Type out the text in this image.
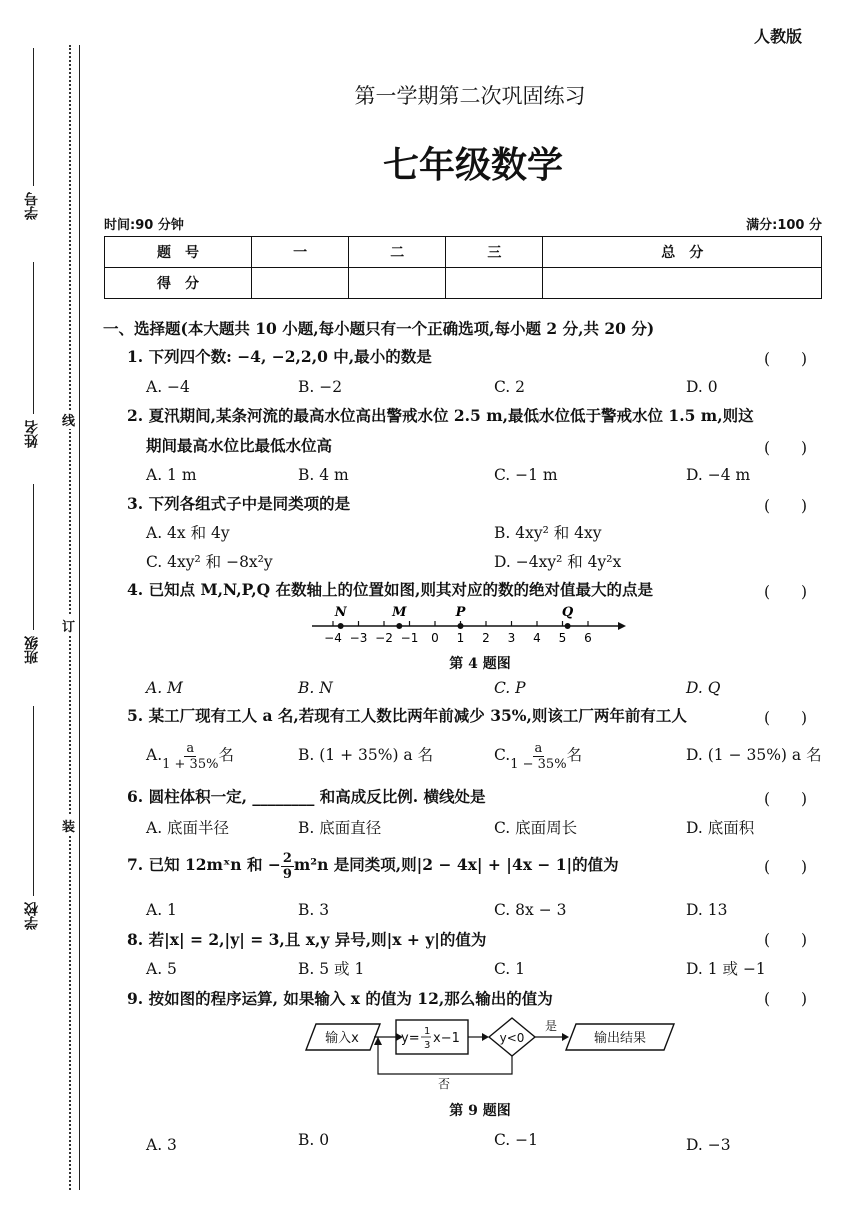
人教版
学号
姓名
班级
学校
线
订
装
第一学期第二次巩固练习
七年级数学
时间:90 分钟	满分:100 分
题　号	一	二	三	总　分
得　分				
一、选择题(本大题共 10 小题,每小题只有一个正确选项,每小题 2 分,共 20 分)
1. 下列四个数: −4, −2,2,0 中,最小的数是	(　　)
A. −4	B. −2	C. 2	D. 0
2. 夏汛期间,某条河流的最高水位高出警戒水位 2.5 m,最低水位低于警戒水位 1.5 m,则这
期间最高水位比最低水位高	(　　)
A. 1 m	B. 4 m	C. −1 m	D. −4 m
3. 下列各组式子中是同类项的是	(　　)
A. 4x 和 4y	B. 4xy² 和 4xy
C. 4xy² 和 −8x²y	D. −4xy² 和 4y²x
4. 已知点 M,N,P,Q 在数轴上的位置如图,则其对应的数的绝对值最大的点是	(　　)
−4 −3 −2 −1 0 1 2 3 4 5 6
N	M	P	Q
第 4 题图
A. M	B. N	C. P	D. Q
5. 某工厂现有工人 a 名,若现有工人数比两年前减少 35%,则该工厂两年前有工人	(　　)
A. $\frac{a}{1 + 35\%}$ 名	B. (1 + 35%) a 名	C. $\frac{a}{1 - 35\%}$ 名	D. (1 − 35%) a 名
6. 圆柱体积一定, ________ 和高成反比例. 横线处是	(　　)
A. 底面半径	B. 底面直径	C. 底面周长	D. 底面积
7. 已知 12mˣn 和 − $\frac{2}{9} m^2n$ 是同类项,则|2 − 4x| + |4x − 1|的值为	(　　)
A. 1	B. 3	C. 8x − 3	D. 13
8. 若|x| = 2,|y| = 3,且 x,y 异号,则|x + y|的值为	(　　)
A. 5	B. 5 或 1	C. 1	D. 1 或 −1
9. 按如图的程序运算, 如果输入 x 的值为 12,那么输出的值为	(　　)
输入x	y= 1
3 x−1	y<0
是
输出结果
否
第 9 题图
A. 3	B. 0	C. −1	D. −3
